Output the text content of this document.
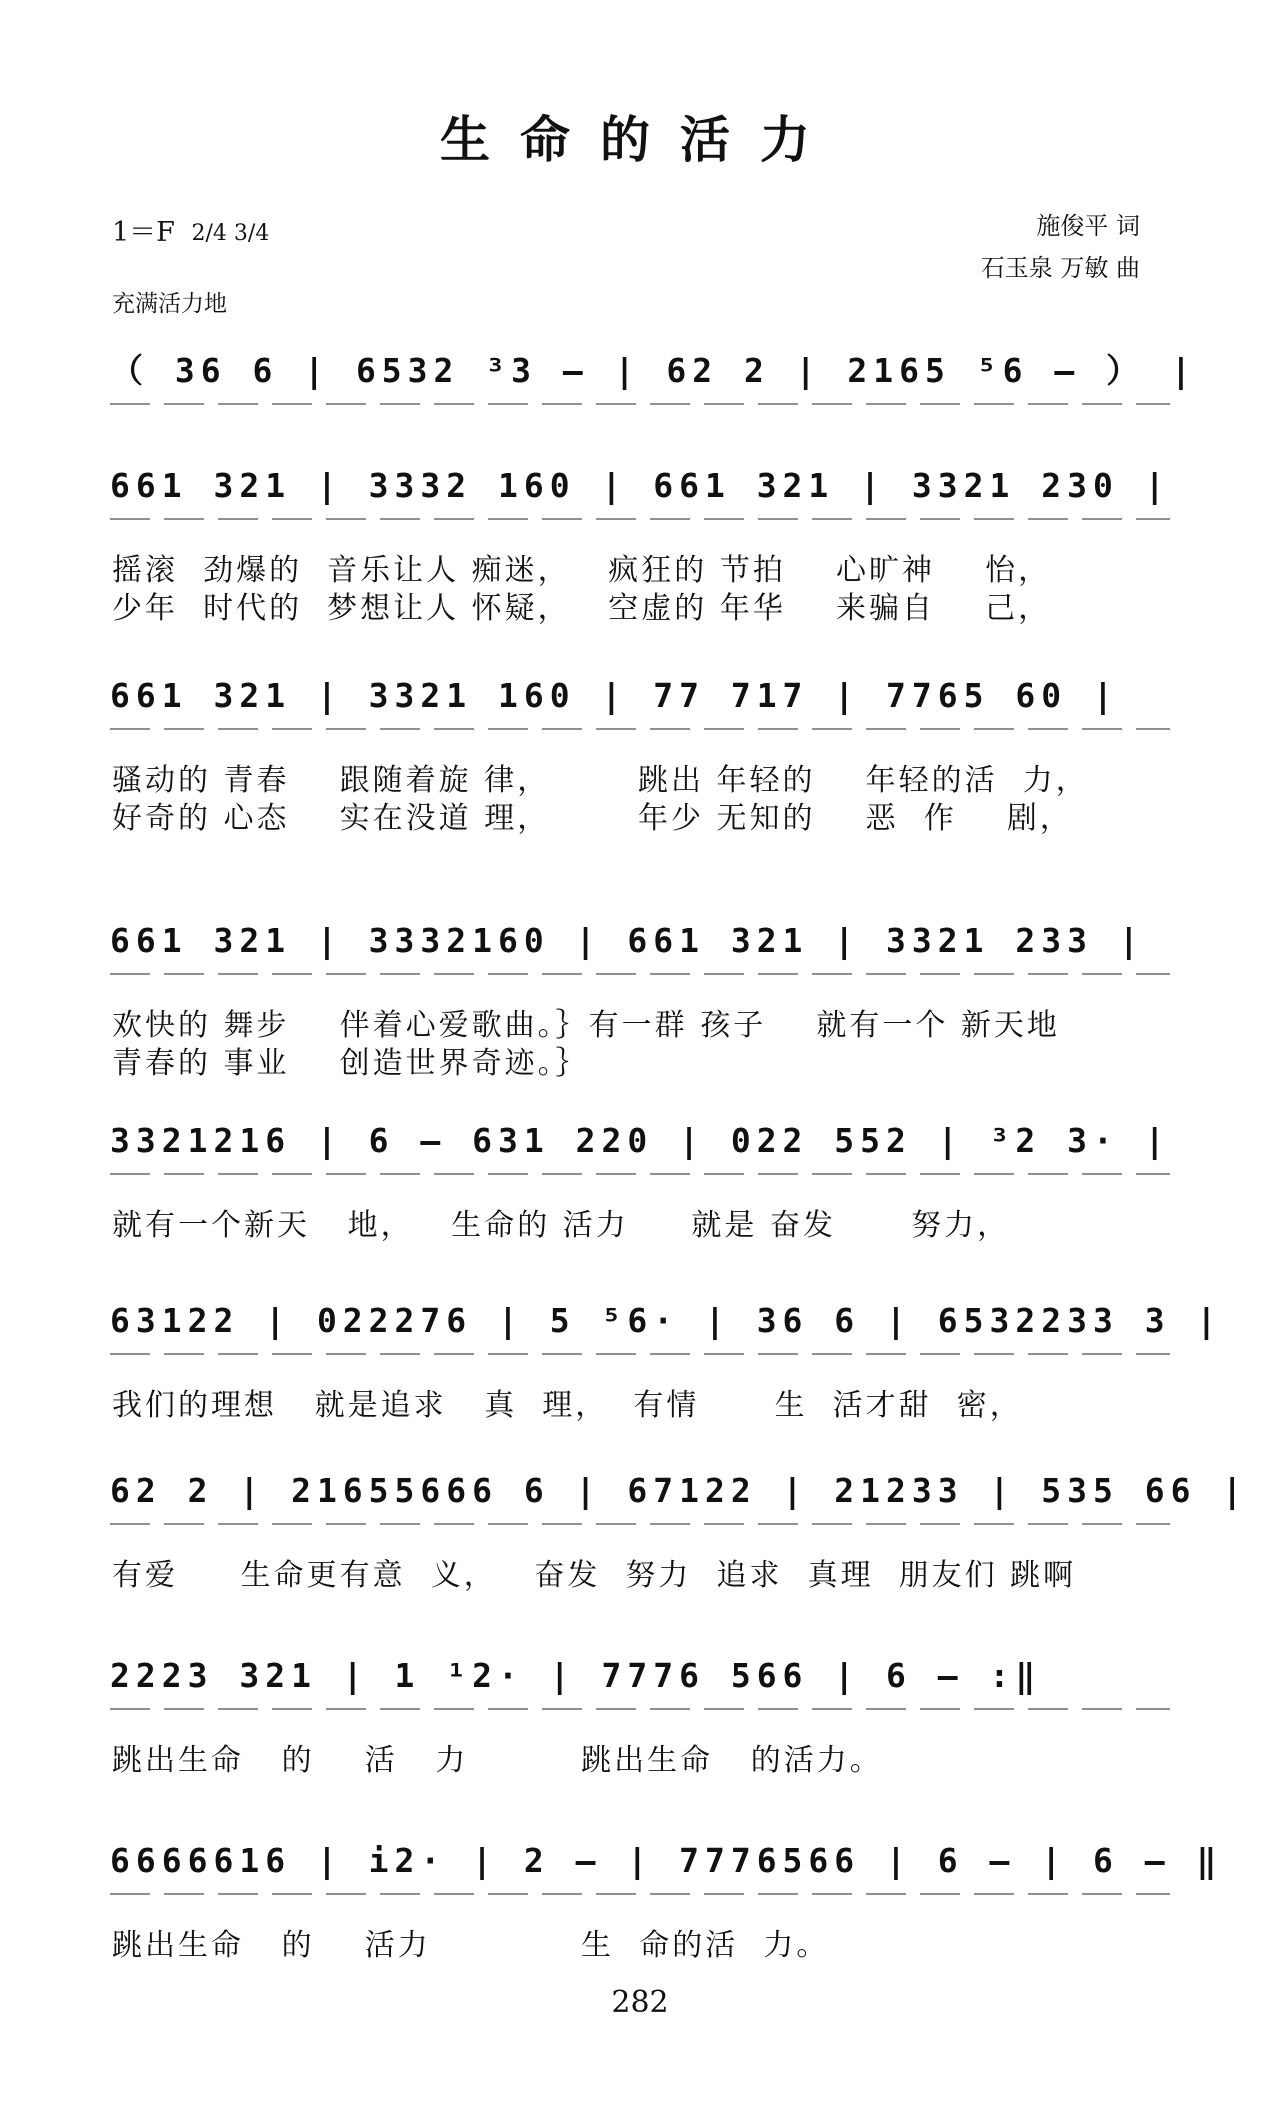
生命的活力
1＝F 2/4 3/4	施俊平 词
石玉泉 万敏 曲
充满活力地
（ 36 6 | 6532 ³3 — | 62 2 | 2165 ⁵6 — ） |
661 321 | 3332 160 | 661 321 | 3321 230 |
摇滚  劲爆的  音乐让人 痴迷，   疯狂的 节拍    心旷神    怡，
少年  时代的  梦想让人 怀疑，   空虚的 年华    来骗自    己，
661 321 | 3321 160 | 77 717 | 7765 60 |
骚动的 青春    跟随着旋 律，       跳出 年轻的    年轻的活  力，
好奇的 心态    实在没道 理，       年少 无知的    恶  作    剧，
661 321 | 3332160 | 661 321 | 3321 233 |
欢快的 舞步    伴着心爱歌曲。｝有一群 孩子    就有一个 新天地
青春的 事业    创造世界奇迹。｝
3321216 | 6 — 631 220 | 022 552 | ³2 3· |
就有一个新天   地，   生命的 活力     就是 奋发      努力，
63122 | 022276 | 5 ⁵6· | 36 6 | 6532233 3 |
我们的理想   就是追求   真  理，  有情      生  活才甜  密，
62 2 | 21655666 6 | 67122 | 21233 | 535 66 |
有爱     生命更有意  义，   奋发  努力  追求  真理  朋友们 跳啊
2223 321 | 1 ¹2· | 7776 566 | 6 — :‖
跳出生命   的    活   力         跳出生命   的活力。
6666616 | i2· | 2 — | 7776566 | 6 — | 6 — ‖
跳出生命   的    活力            生  命的活  力。
282
